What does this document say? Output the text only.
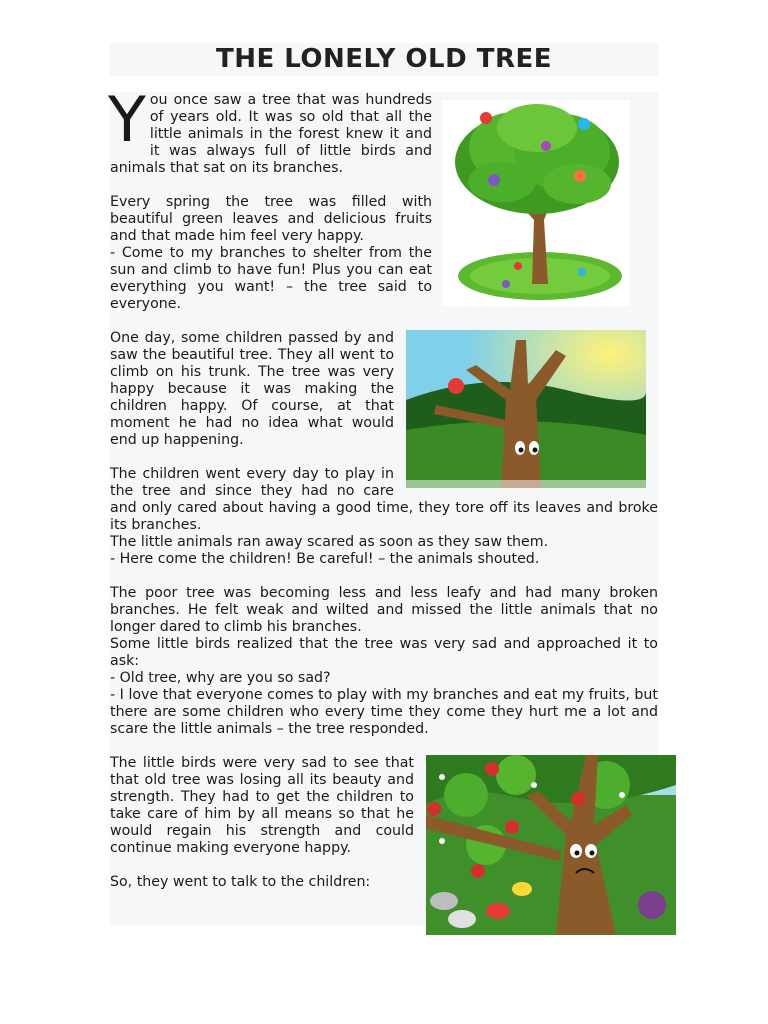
THE LONELY OLD TREE

You once saw a tree that was hundreds of years old. It was so old that all the little animals in the forest knew it and it was always full of little birds and animals that sat on its branches.

Every spring the tree was filled with beautiful green leaves and delicious fruits and that made him feel very happy.

- Come to my branches to shelter from the sun and climb to have fun! Plus you can eat everything you want! – the tree said to everyone.

One day, some children passed by and saw the beautiful tree. They all went to climb on his trunk. The tree was very happy because it was making the children happy. Of course, at that moment he had no idea what would end up happening.

The children went every day to play in the tree and since they had no care and only cared about having a good time, they tore off its leaves and broke its branches.

The little animals ran away scared as soon as they saw them.

- Here come the children! Be careful! – the animals shouted.

The poor tree was becoming less and less leafy and had many broken branches. He felt weak and wilted and missed the little animals that no longer dared to climb his branches.

Some little birds realized that the tree was very sad and approached it to ask:

- Old tree, why are you so sad?

- I love that everyone comes to play with my branches and eat my fruits, but there are some children who every time they come they hurt me a lot and scare the little animals – the tree responded.

The little birds were very sad to see that that old tree was losing all its beauty and strength. They had to get the children to take care of him by all means so that he would regain his strength and could continue making everyone happy.

So, they went to talk to the children:
